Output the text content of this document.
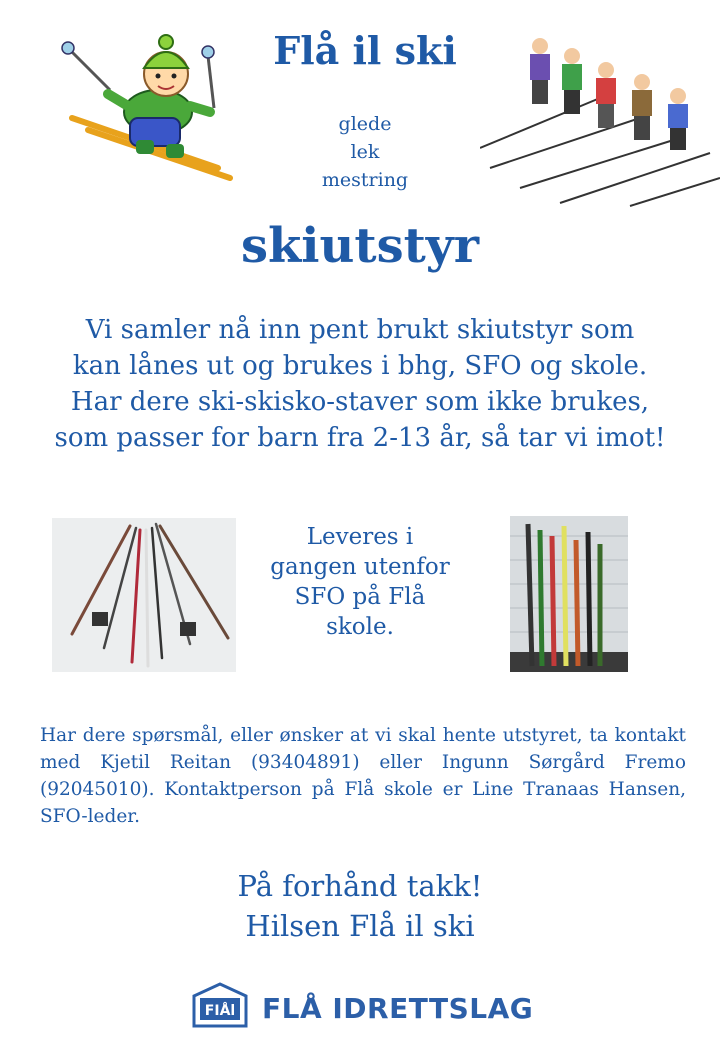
Flå il ski
glede
lek
mestring
skiutstyr
Vi samler nå inn pent brukt skiutstyr som
kan lånes ut og brukes i bhg, SFO og skole.
Har dere ski-skisko-staver som ikke brukes,
som passer for barn fra 2-13 år, så tar vi imot!
Leveres i
gangen utenfor
SFO på Flå
skole.
Har dere spørsmål, eller ønsker at vi skal hente utstyret, ta kontakt med Kjetil Reitan (93404891) eller Ingunn Sørgård Fremo (92045010). Kontaktperson på Flå skole er Line Tranaas Hansen, SFO-leder.
På forhånd takk!
Hilsen Flå il ski
FIÅl FLÅ IDRETTSLAG
